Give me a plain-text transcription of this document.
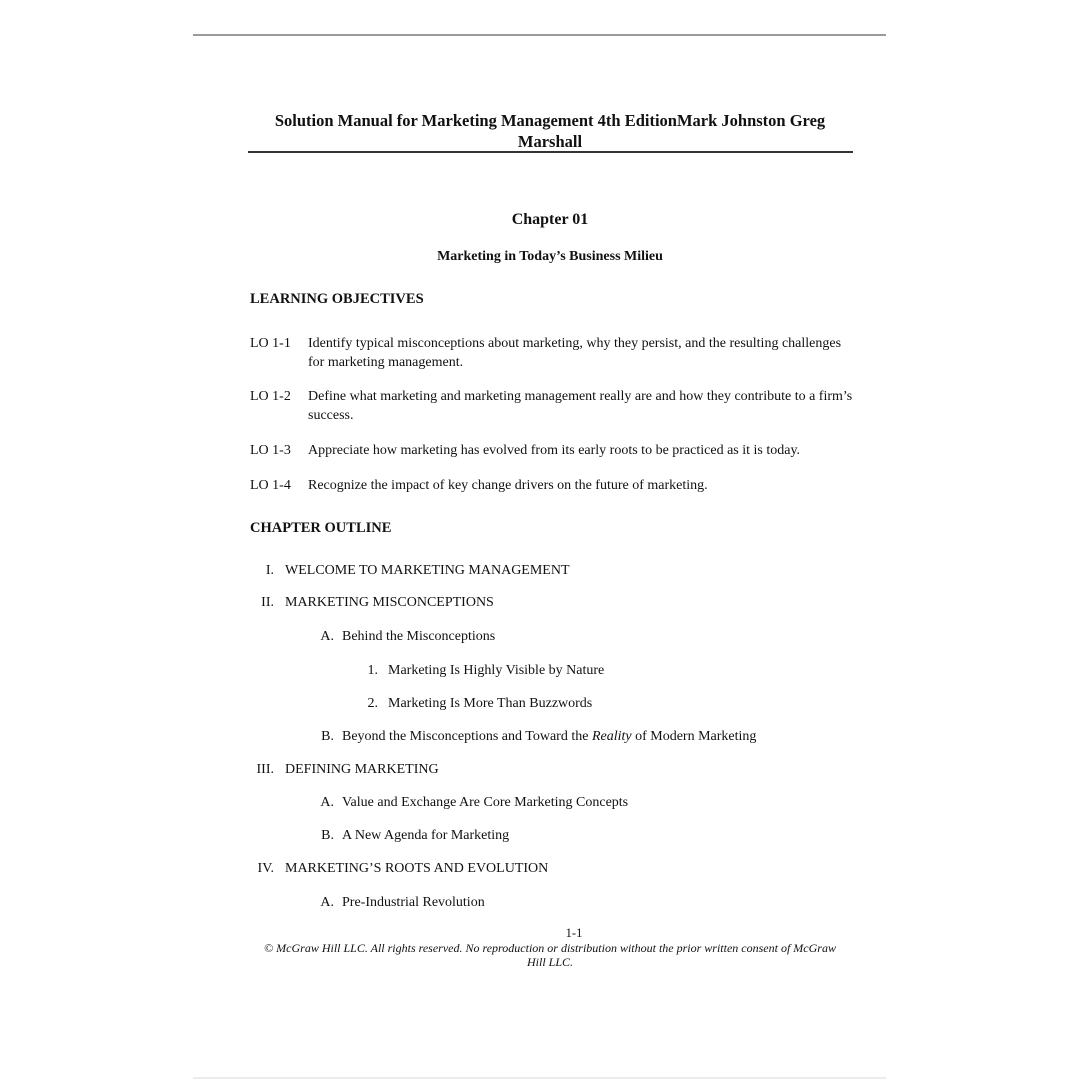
Solution Manual for Marketing Management 4th EditionMark Johnston Greg Marshall
Chapter 01
Marketing in Today’s Business Milieu
LEARNING OBJECTIVES
LO 1-1 Identify typical misconceptions about marketing, why they persist, and the resulting challenges for marketing management.
LO 1-2 Define what marketing and marketing management really are and how they contribute to a firm’s success.
LO 1-3 Appreciate how marketing has evolved from its early roots to be practiced as it is today.
LO 1-4 Recognize the impact of key change drivers on the future of marketing.
CHAPTER OUTLINE
I. WELCOME TO MARKETING MANAGEMENT
II. MARKETING MISCONCEPTIONS
A. Behind the Misconceptions
1. Marketing Is Highly Visible by Nature
2. Marketing Is More Than Buzzwords
B. Beyond the Misconceptions and Toward the Reality of Modern Marketing
III. DEFINING MARKETING
A. Value and Exchange Are Core Marketing Concepts
B. A New Agenda for Marketing
IV. MARKETING’S ROOTS AND EVOLUTION
A. Pre-Industrial Revolution
1-1
© McGraw Hill LLC. All rights reserved. No reproduction or distribution without the prior written consent of McGraw Hill LLC.
